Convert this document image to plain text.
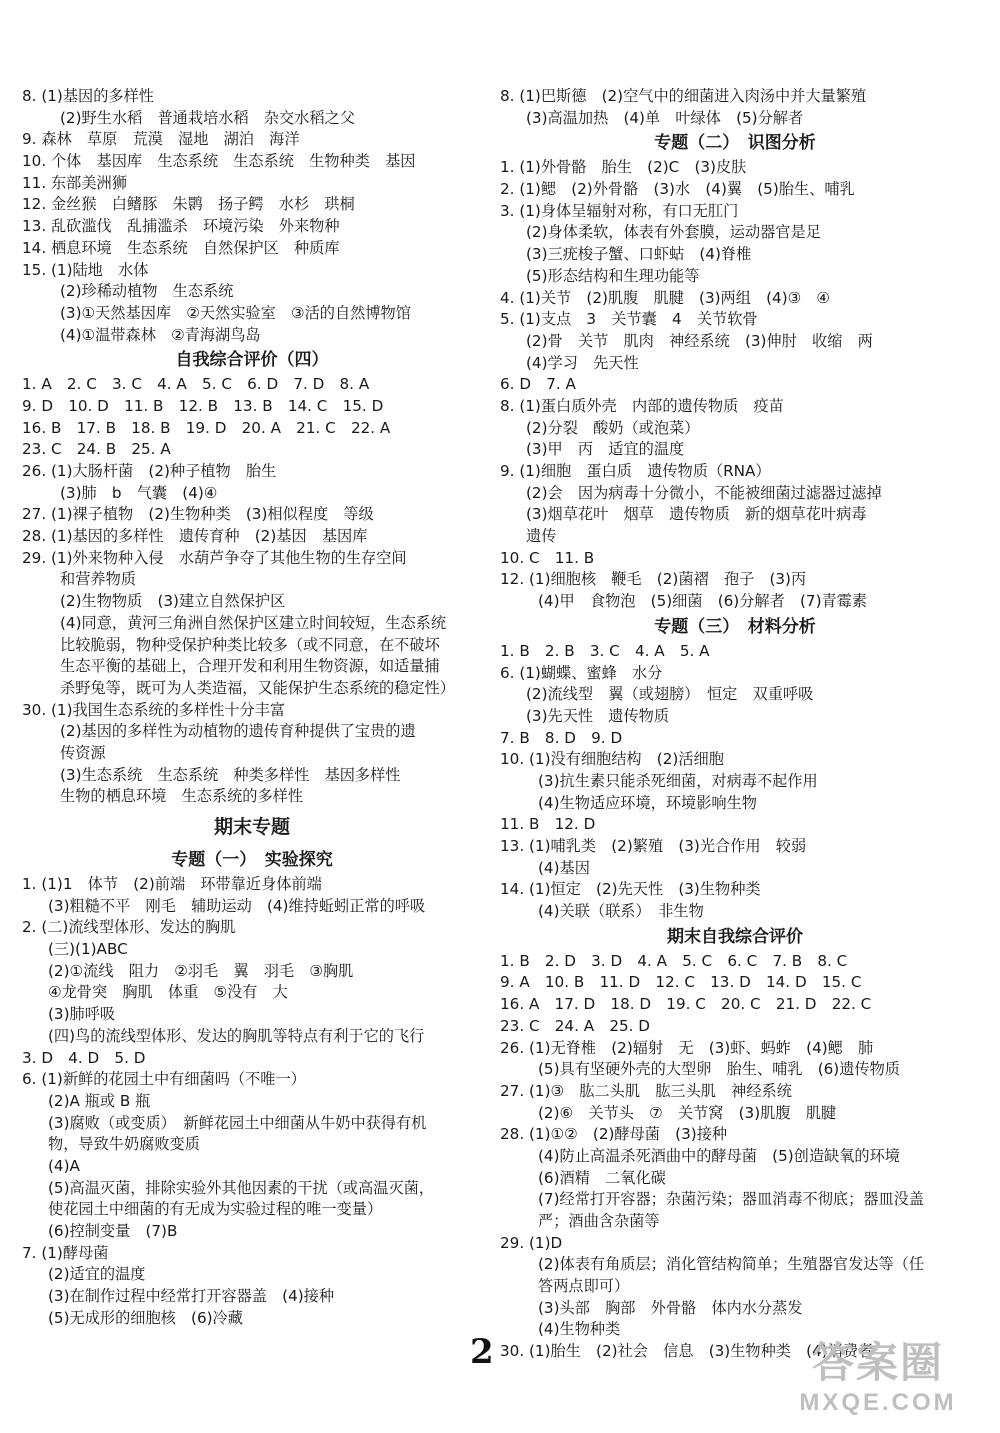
8. (1)基因的多样性
(2)野生水稻　普通栽培水稻　杂交水稻之父
9. 森林　草原　荒漠　湿地　湖泊　海洋
10. 个体　基因库　生态系统　生态系统　生物种类　基因
11. 东部美洲狮
12. 金丝猴　白鳍豚　朱鹮　扬子鳄　水杉　珙桐
13. 乱砍滥伐　乱捕滥杀　环境污染　外来物种
14. 栖息环境　生态系统　自然保护区　种质库
15. (1)陆地　水体
(2)珍稀动植物　生态系统
(3)①天然基因库　②天然实验室　③活的自然博物馆
(4)①温带森林　②青海湖鸟岛
自我综合评价（四）
1. A　2. C　3. C　4. A　5. C　6. D　7. D　8. A
9. D　10. D　11. B　12. B　13. B　14. C　15. D
16. B　17. B　18. B　19. D　20. A　21. C　22. A
23. C　24. B　25. A
26. (1)大肠杆菌　(2)种子植物　胎生
(3)肺　b　气囊　(4)④
27. (1)裸子植物　(2)生物种类　(3)相似程度　等级
28. (1)基因的多样性　遗传育种　(2)基因　基因库
29. (1)外来物种入侵　水葫芦争夺了其他生物的生存空间
和营养物质
(2)生物物质　(3)建立自然保护区
(4)同意，黄河三角洲自然保护区建立时间较短，生态系统
比较脆弱，物种受保护种类比较多（或不同意，在不破坏
生态平衡的基础上，合理开发和利用生物资源，如适量捕
杀野兔等，既可为人类造福，又能保护生态系统的稳定性）
30. (1)我国生态系统的多样性十分丰富
(2)基因的多样性为动植物的遗传育种提供了宝贵的遗
传资源
(3)生态系统　生态系统　种类多样性　基因多样性
生物的栖息环境　生态系统的多样性
期末专题
专题（一）　实验探究
1. (1)1　体节　(2)前端　环带靠近身体前端
(3)粗糙不平　刚毛　辅助运动　(4)维持蚯蚓正常的呼吸
2. (二)流线型体形、发达的胸肌
(三)(1)ABC
(2)①流线　阻力　②羽毛　翼　羽毛　③胸肌
④龙骨突　胸肌　体重　⑤没有　大
(3)肺呼吸
(四)鸟的流线型体形、发达的胸肌等特点有利于它的飞行
3. D　4. D　5. D
6. (1)新鲜的花园土中有细菌吗（不唯一）
(2)A 瓶或 B 瓶
(3)腐败（或变质）　新鲜花园土中细菌从牛奶中获得有机
物，导致牛奶腐败变质
(4)A
(5)高温灭菌，排除实验外其他因素的干扰（或高温灭菌，
使花园土中细菌的有无成为实验过程的唯一变量）
(6)控制变量　(7)B
7. (1)酵母菌
(2)适宜的温度
(3)在制作过程中经常打开容器盖　(4)接种
(5)无成形的细胞核　(6)冷藏
8. (1)巴斯德　(2)空气中的细菌进入肉汤中并大量繁殖
(3)高温加热　(4)单　叶绿体　(5)分解者
专题（二）　识图分析
1. (1)外骨骼　胎生　(2)C　(3)皮肤
2. (1)鳃　(2)外骨骼　(3)水　(4)翼　(5)胎生、哺乳
3. (1)身体呈辐射对称，有口无肛门
(2)身体柔软，体表有外套膜，运动器官是足
(3)三疣梭子蟹、口虾蛄　(4)脊椎
(5)形态结构和生理功能等
4. (1)关节　(2)肌腹　肌腱　(3)两组　(4)③　④
5. (1)支点　3　关节囊　4　关节软骨
(2)骨　关节　肌肉　神经系统　(3)伸肘　收缩　两
(4)学习　先天性
6. D　7. A
8. (1)蛋白质外壳　内部的遗传物质　疫苗
(2)分裂　酸奶（或泡菜）
(3)甲　丙　适宜的温度
9. (1)细胞　蛋白质　遗传物质（RNA）
(2)会　因为病毒十分微小，不能被细菌过滤器过滤掉
(3)烟草花叶　烟草　遗传物质　新的烟草花叶病毒
遗传
10. C　11. B
12. (1)细胞核　鞭毛　(2)菌褶　孢子　(3)丙
(4)甲　食物泡　(5)细菌　(6)分解者　(7)青霉素
专题（三）　材料分析
1. B　2. B　3. C　4. A　5. A
6. (1)蝴蝶、蜜蜂　水分
(2)流线型　翼（或翅膀）　恒定　双重呼吸
(3)先天性　遗传物质
7. B　8. D　9. D
10. (1)没有细胞结构　(2)活细胞
(3)抗生素只能杀死细菌，对病毒不起作用
(4)生物适应环境，环境影响生物
11. B　12. D
13. (1)哺乳类　(2)繁殖　(3)光合作用　较弱
(4)基因
14. (1)恒定　(2)先天性　(3)生物种类
(4)关联（联系）　非生物
期末自我综合评价
1. B　2. D　3. D　4. A　5. C　6. C　7. B　8. C
9. A　10. B　11. D　12. C　13. D　14. D　15. C
16. A　17. D　18. D　19. C　20. C　21. D　22. C
23. C　24. A　25. D
26. (1)无脊椎　(2)辐射　无　(3)虾、蚂蚱　(4)鳃　肺
(5)具有坚硬外壳的大型卵　胎生、哺乳　(6)遗传物质
27. (1)③　肱二头肌　肱三头肌　神经系统
(2)⑥　关节头　⑦　关节窝　(3)肌腹　肌腱
28. (1)①②　(2)酵母菌　(3)接种
(4)防止高温杀死酒曲中的酵母菌　(5)创造缺氧的环境
(6)酒精　二氧化碳
(7)经常打开容器；杂菌污染；器皿消毒不彻底；器皿没盖
严；酒曲含杂菌等
29. (1)D
(2)体表有角质层；消化管结构简单；生殖器官发达等（任
答两点即可）
(3)头部　胸部　外骨骼　体内水分蒸发
(4)生物种类
30. (1)胎生　(2)社会　信息　(3)生物种类　(4)消费者
2	答案圈
MXQE.COM
